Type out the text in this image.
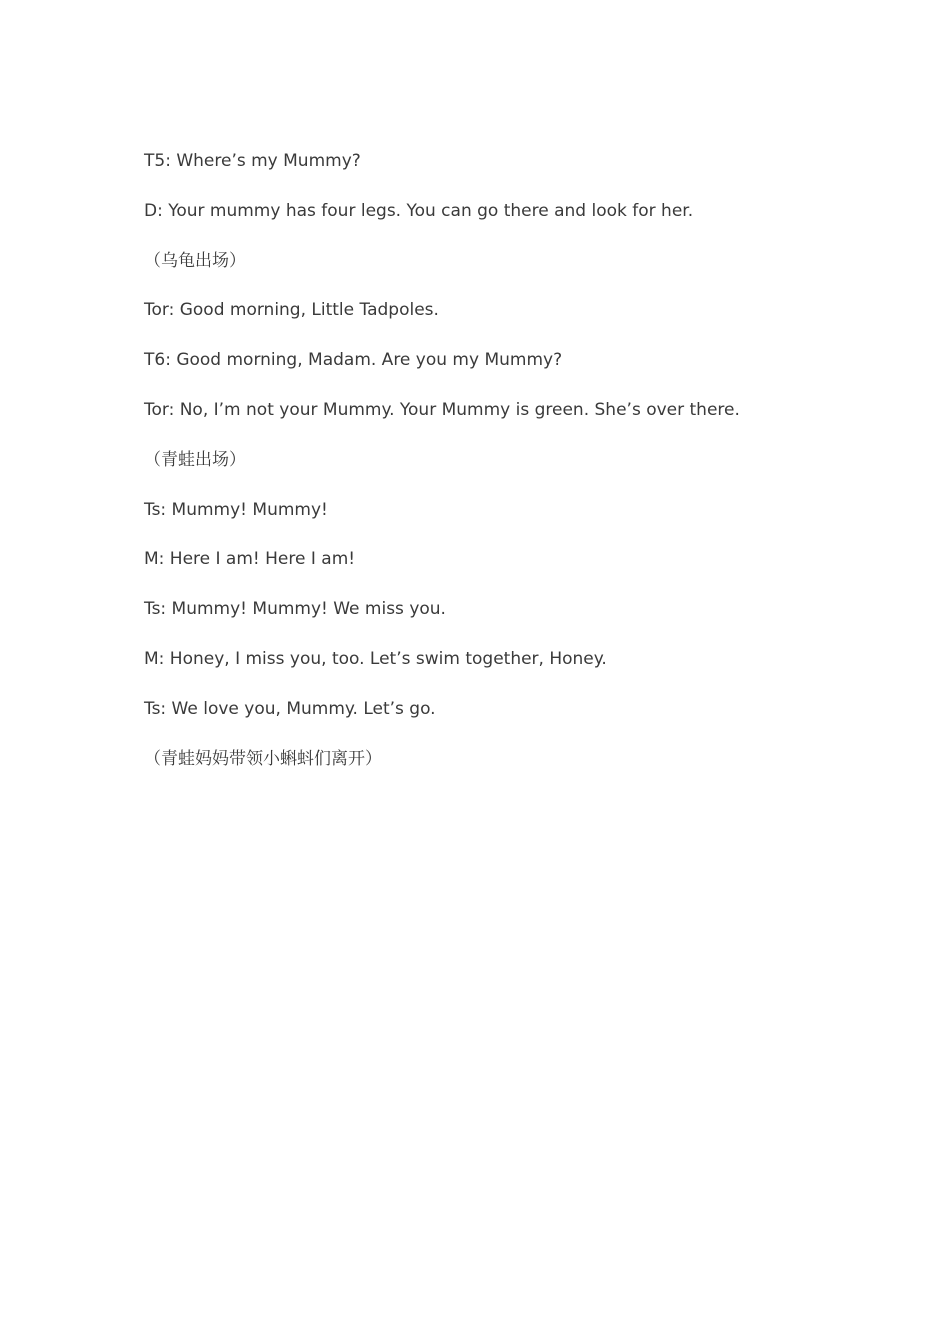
T5: Where’s my Mummy?

D: Your mummy has four legs. You can go there and look for her.

（乌龟出场）

Tor: Good morning, Little Tadpoles.

T6: Good morning, Madam. Are you my Mummy?

Tor: No, I’m not your Mummy. Your Mummy is green. She’s over there.

（青蛙出场）

Ts: Mummy! Mummy!

M: Here I am! Here I am!

Ts: Mummy! Mummy! We miss you.

M: Honey, I miss you, too. Let’s swim together, Honey.

Ts: We love you, Mummy. Let’s go.

（青蛙妈妈带领小蝌蚪们离开）
